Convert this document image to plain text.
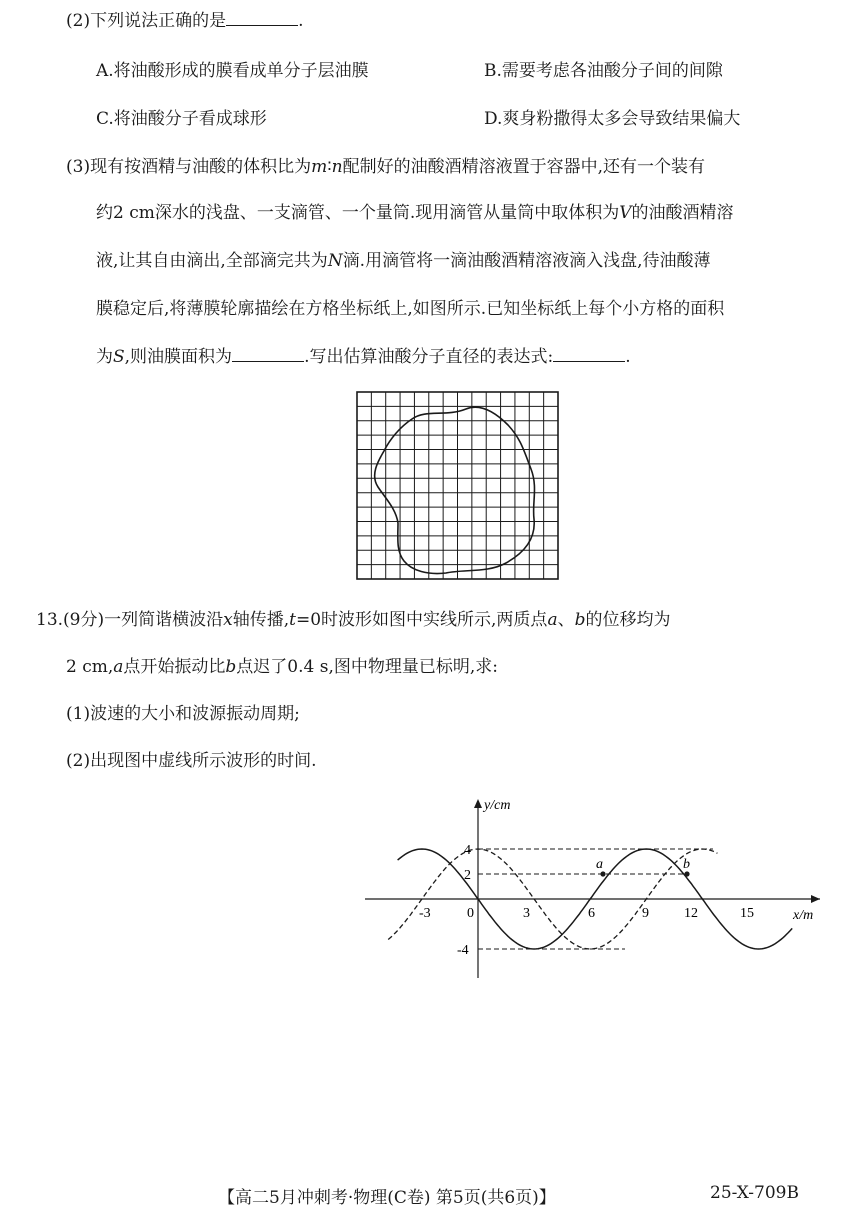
(2)下列说法正确的是	.
A.将油酸形成的膜看成单分子层油膜	B.需要考虑各油酸分子间的间隙
C.将油酸分子看成球形	D.爽身粉撒得太多会导致结果偏大
(3)现有按酒精与油酸的体积比为m∶n配制好的油酸酒精溶液置于容器中,还有一个装有
约2 cm深水的浅盘、一支滴管、一个量筒.现用滴管从量筒中取体积为V的油酸酒精溶
液,让其自由滴出,全部滴完共为N滴.用滴管将一滴油酸酒精溶液滴入浅盘,待油酸薄
膜稳定后,将薄膜轮廓描绘在方格坐标纸上,如图所示.已知坐标纸上每个小方格的面积
为S,则油膜面积为	.写出估算油酸分子直径的表达式:	.
13.(9分)一列简谐横波沿x轴传播,t=0时波形如图中实线所示,两质点a、b的位移均为
2 cm,a点开始振动比b点迟了0.4 s,图中物理量已标明,求:
(1)波速的大小和波源振动周期;
(2)出现图中虚线所示波形的时间.
a	b
y/cm
x/m
-3	0	3	6	9	12	15
4
2
-4
【高二5月冲刺考·物理(C卷) 第5页(共6页)】	25-X-709B
